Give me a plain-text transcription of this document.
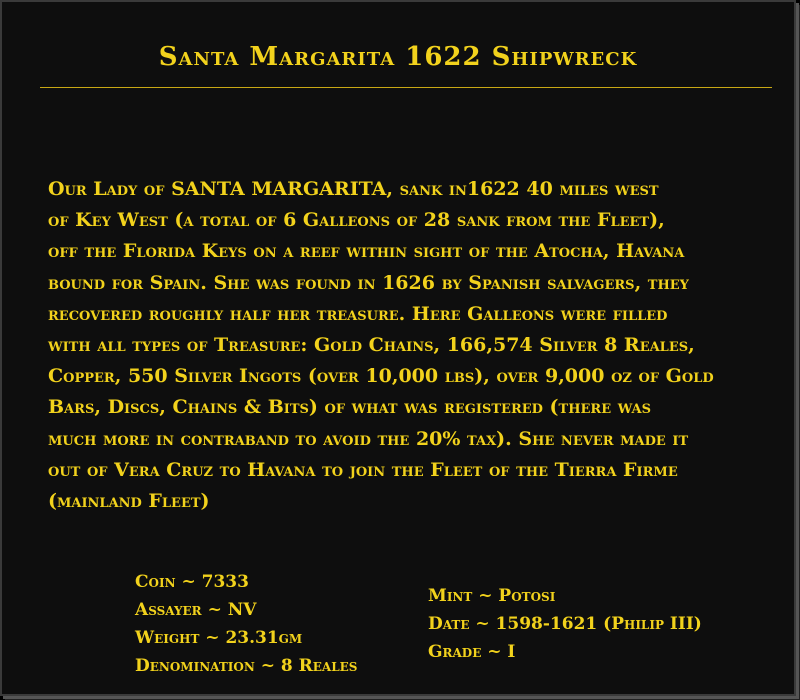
Santa Margarita 1622 Shipwreck
Our Lady of SANTA MARGARITA, sank in1622 40 miles west
of Key West (a total of 6 Galleons of 28 sank from the Fleet),
off the Florida Keys on a reef within sight of the Atocha, Havana
bound for Spain. She was found in 1626 by Spanish salvagers, they
recovered roughly half her treasure. Here Galleons were filled
with all types of Treasure: Gold Chains, 166,574 Silver 8 Reales,
Copper, 550 Silver Ingots (over 10,000 lbs), over 9,000 oz of Gold
Bars, Discs, Chains & Bits) of what was registered (there was
much more in contraband to avoid the 20% tax). She never made it
out of Vera Cruz to Havana to join the Fleet of the Tierra Firme
(mainland Fleet)
Coin ~ 7333
Assayer ~ NV
Weight ~ 23.31gm
Denomination ~ 8 Reales
Mint ~ Potosi
Date ~ 1598-1621 (Philip III)
Grade ~ I
